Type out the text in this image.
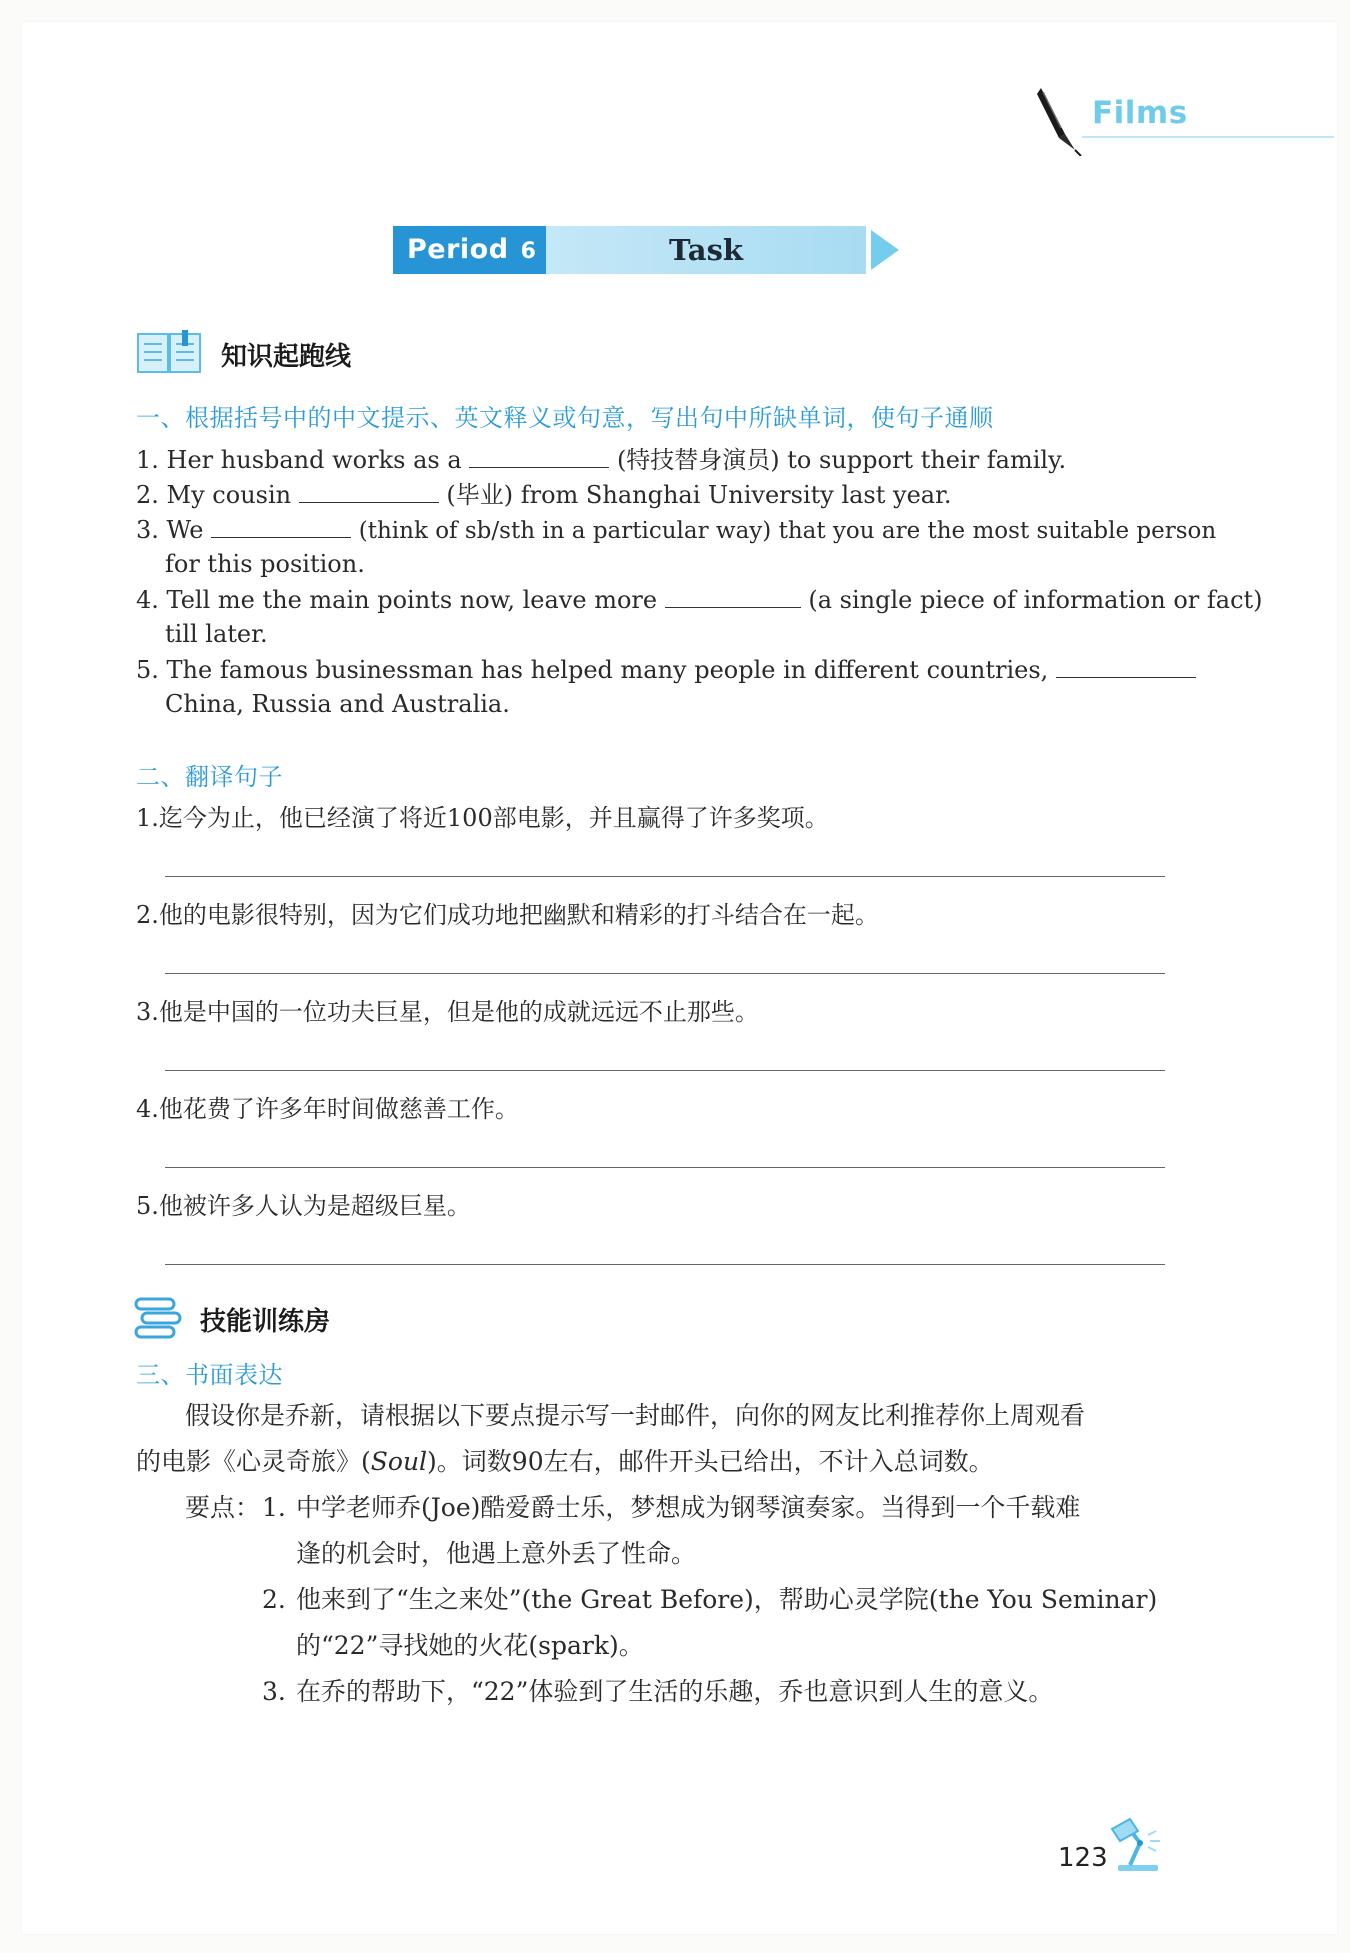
Films
Period 6	Task
知识起跑线
一、根据括号中的中文提示、英文释义或句意，写出句中所缺单词，使句子通顺
1. Her husband works as a	(特技替身演员) to support their family.
2. My cousin	(毕业) from Shanghai University last year.
3. We	(think of sb/sth in a particular way) that you are the most suitable person
for this position.
4. Tell me the main points now, leave more	(a single piece of information or fact)
till later.
5. The famous businessman has helped many people in different countries,
China, Russia and Australia.
二、翻译句子
1.迄今为止，他已经演了将近100部电影，并且赢得了许多奖项。
2.他的电影很特别，因为它们成功地把幽默和精彩的打斗结合在一起。
3.他是中国的一位功夫巨星，但是他的成就远远不止那些。
4.他花费了许多年时间做慈善工作。
5.他被许多人认为是超级巨星。
技能训练房
三、书面表达
假设你是乔新，请根据以下要点提示写一封邮件，向你的网友比利推荐你上周观看
的电影《心灵奇旅》(Soul)。词数90左右，邮件开头已给出，不计入总词数。
要点： 1. 中学老师乔(Joe)酷爱爵士乐，梦想成为钢琴演奏家。当得到一个千载难
逢的机会时，他遇上意外丢了性命。
2. 他来到了“生之来处”(the Great Before)，帮助心灵学院(the You Seminar)
的“22”寻找她的火花(spark)。
3. 在乔的帮助下，“22”体验到了生活的乐趣，乔也意识到人生的意义。
123
